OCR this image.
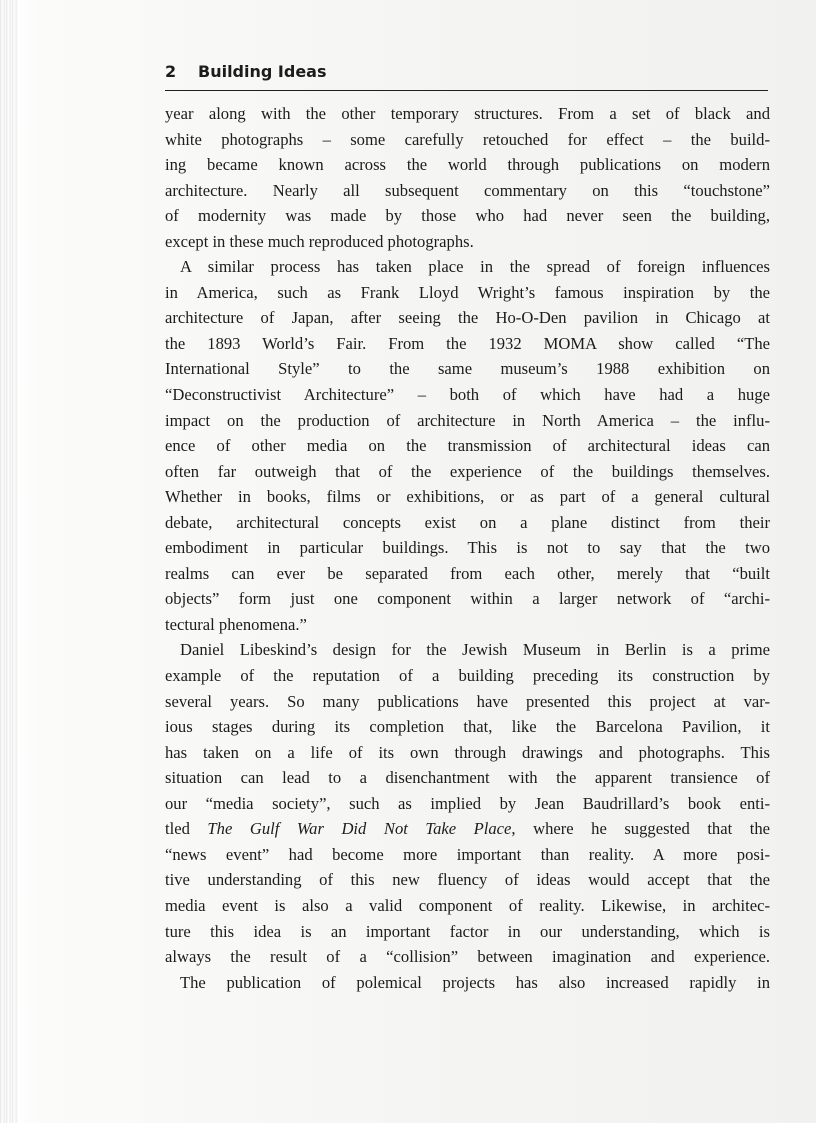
2 Building Ideas
year along with the other temporary structures. From a set of black and
white photographs – some carefully retouched for effect – the build-
ing became known across the world through publications on modern
architecture. Nearly all subsequent commentary on this “touchstone”
of modernity was made by those who had never seen the building,
except in these much reproduced photographs.
A similar process has taken place in the spread of foreign influences
in America, such as Frank Lloyd Wright’s famous inspiration by the
architecture of Japan, after seeing the Ho-O-Den pavilion in Chicago at
the 1893 World’s Fair. From the 1932 MOMA show called “The
International Style” to the same museum’s 1988 exhibition on
“Deconstructivist Architecture” – both of which have had a huge
impact on the production of architecture in North America – the influ-
ence of other media on the transmission of architectural ideas can
often far outweigh that of the experience of the buildings themselves.
Whether in books, films or exhibitions, or as part of a general cultural
debate, architectural concepts exist on a plane distinct from their
embodiment in particular buildings. This is not to say that the two
realms can ever be separated from each other, merely that “built
objects” form just one component within a larger network of “archi-
tectural phenomena.”
Daniel Libeskind’s design for the Jewish Museum in Berlin is a prime
example of the reputation of a building preceding its construction by
several years. So many publications have presented this project at var-
ious stages during its completion that, like the Barcelona Pavilion, it
has taken on a life of its own through drawings and photographs. This
situation can lead to a disenchantment with the apparent transience of
our “media society”, such as implied by Jean Baudrillard’s book enti-
tled The Gulf War Did Not Take Place, where he suggested that the
“news event” had become more important than reality. A more posi-
tive understanding of this new fluency of ideas would accept that the
media event is also a valid component of reality. Likewise, in architec-
ture this idea is an important factor in our understanding, which is
always the result of a “collision” between imagination and experience.
The publication of polemical projects has also increased rapidly in
